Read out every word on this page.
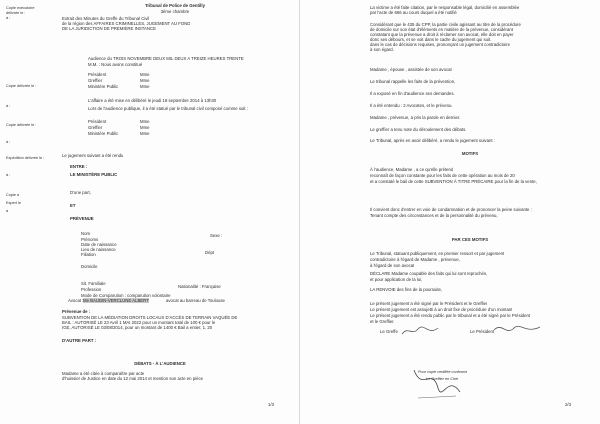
Copie exécutoire
délivrée le :
à :
Copie délivrée le :
à :
Copie délivrée le :
à :
Expédition délivrée le :
à :
Copie à
Expert le
à
Tribunal de Police de Gentilly
3ème chambre
Extrait des Minutes du Greffe du Tribunal Civil
de la région des AFFAIRES CRIMINELLES, JUGEMENT AU FOND
DE LA JURIDICTION DE PREMIÈRE INSTANCE
Audience du TROIS NOVEMBRE DEUX MIL DEUX A TREIZE HEURES TRENTE
M.M. : Nous avons constitué
Président	Mme
Greffier	Mme
Ministère Public	Mme
L'affaire a été mise en délibéré le jeudi 18 septembre 2014 à 13h30
Lors de l'audience publique, il a été statué par le tribunal civil composé comme suit :
Président	Mme
Greffier	Mme
Ministère Public	Mme
Le jugement suivant a été rendu
ENTRE :
LE MINISTÈRE PUBLIC
D'une part,
ET
PRÉVENUE
Nom	Sexe :
Prénoms
Date de naissance
Lieu de naissance
Filiation	Dépt
Domicile
Sit. Familiale
Nationalité : Française
Profession
Mode de Comparution : comparution volontaire
Avocat : Me BAUDIN-VERCLUNE ALBERT	avocat au barreau de Toulouse
Prévenue de :
SUBVENTION DE LA MÉDIATION DROITS LOCAUX D'ACCÈS DE TERRAIN VAQUÉE DE
BAIL : AUTORISÉ LE 23 Avril 1 MAI 2022 pour un montant total de 100 € pour le
IGE, AUTORISÉ LE 03/08/2014, pour un montant de 1400 € Bail a entier, 1, 20
D'AUTRE PART :
DÉBATS - À L'AUDIENCE
Madame a été citée à comparaître par acte
d'huissier de Justice en date du 12 mai 2014 et mention son acte en pièce
1/3
La victime a été faite citation, par le responsable légal, domicilié en assemblée
par l'acte de 666 au cours duquel a été notifié
Considérant que le 435 du CPP, la partie civile agissant au titre de la procédure
de domicile sur son état d'éléments en matière de la prévenue, considérant
constatant que la prévenue a droit à réclamer son avocat, elle doit en payer
donc ses débours, et se voit dans le cadre du jugement qui suit.
dans le cas de décisions requises, prononçant un jugement contradictoire
à son égard.
Madame , épouse , assistée de son avocat
Le tribunal rappelle les faits de la prévention,
Il a exposé en fin d'audience ses demandes.
Il a été entendu : 2 Avocates, et le prévenu.
Madame , prévenue, a pris la parole en dernier.
Le greffier a tenu note du déroulement des débats.
Le Tribunal, après en avoir délibéré, a rendu le jugement suivant :
MOTIFS
À l'audience, Madame , a ce qu'elle prétend
reconnaît de façon constante pour les faits de cette opération au mois de 20
et a constaté le bail de cette SUBVENTION À TITRE PRÉCAIRE pour la fin de la vente,
Il convient donc d'entrer en voie de condamnation et de prononcer la peine suivante :
Tenant compte des circonstances et de la personnalité du prévenu,
PAR CES MOTIFS
Le Tribunal, statuant publiquement, en premier ressort et par jugement
contradictoire à l'égard de Madame , prévenue,
à l'égard de son avocat
DÉCLARE Madame coupable des faits qui lui sont reprochés,
et pour application de la loi,
LA RENVOIE des fins de la poursuite,
Le présent jugement a été signé par le Président et le Greffier
Le présent jugement est assujetti à un droit fixe de procédure d'un montant
Le présent jugement a été rendu public par le tribunal et a été signé par le Président
et le Greffier.
Le Greffe	Le Président
Pour copie certifiée conforme
Le Greffier en Chef
2/3
